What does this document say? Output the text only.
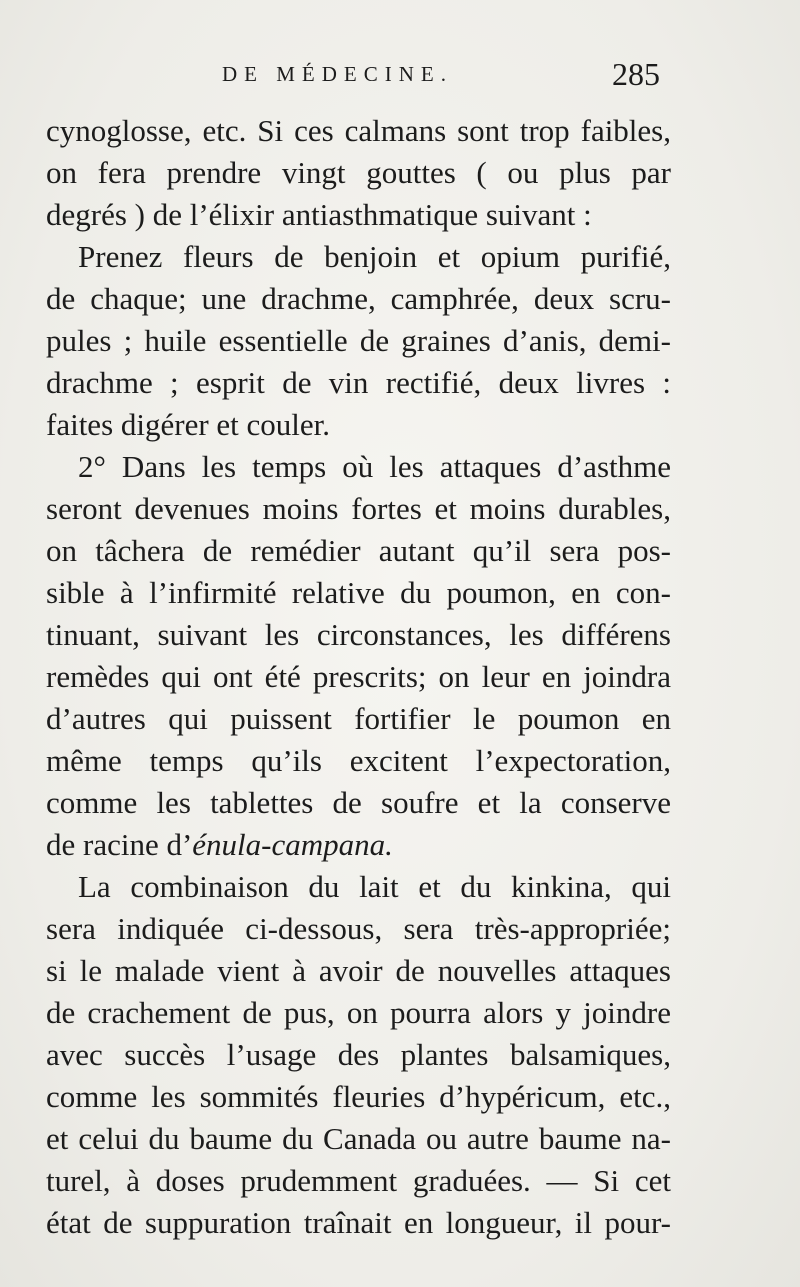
DE MÉDECINE.	285
cynoglosse, etc. Si ces calmans sont trop faibles,
on fera prendre vingt gouttes ( ou plus par
degrés ) de l’élixir antiasthmatique suivant :
Prenez fleurs de benjoin et opium purifié,
de chaque; une drachme, camphrée, deux scru-
pules ; huile essentielle de graines d’anis, demi-
drachme ; esprit de vin rectifié, deux livres :
faites digérer et couler.
2° Dans les temps où les attaques d’asthme
seront devenues moins fortes et moins durables,
on tâchera de remédier autant qu’il sera pos-
sible à l’infirmité relative du poumon, en con-
tinuant, suivant les circonstances, les différens
remèdes qui ont été prescrits; on leur en joindra
d’autres qui puissent fortifier le poumon en
même temps qu’ils excitent l’expectoration,
comme les tablettes de soufre et la conserve
de racine d’énula-campana.
La combinaison du lait et du kinkina, qui
sera indiquée ci-dessous, sera très-appropriée;
si le malade vient à avoir de nouvelles attaques
de crachement de pus, on pourra alors y joindre
avec succès l’usage des plantes balsamiques,
comme les sommités fleuries d’hypéricum, etc.,
et celui du baume du Canada ou autre baume na-
turel, à doses prudemment graduées. — Si cet
état de suppuration traînait en longueur, il pour-
